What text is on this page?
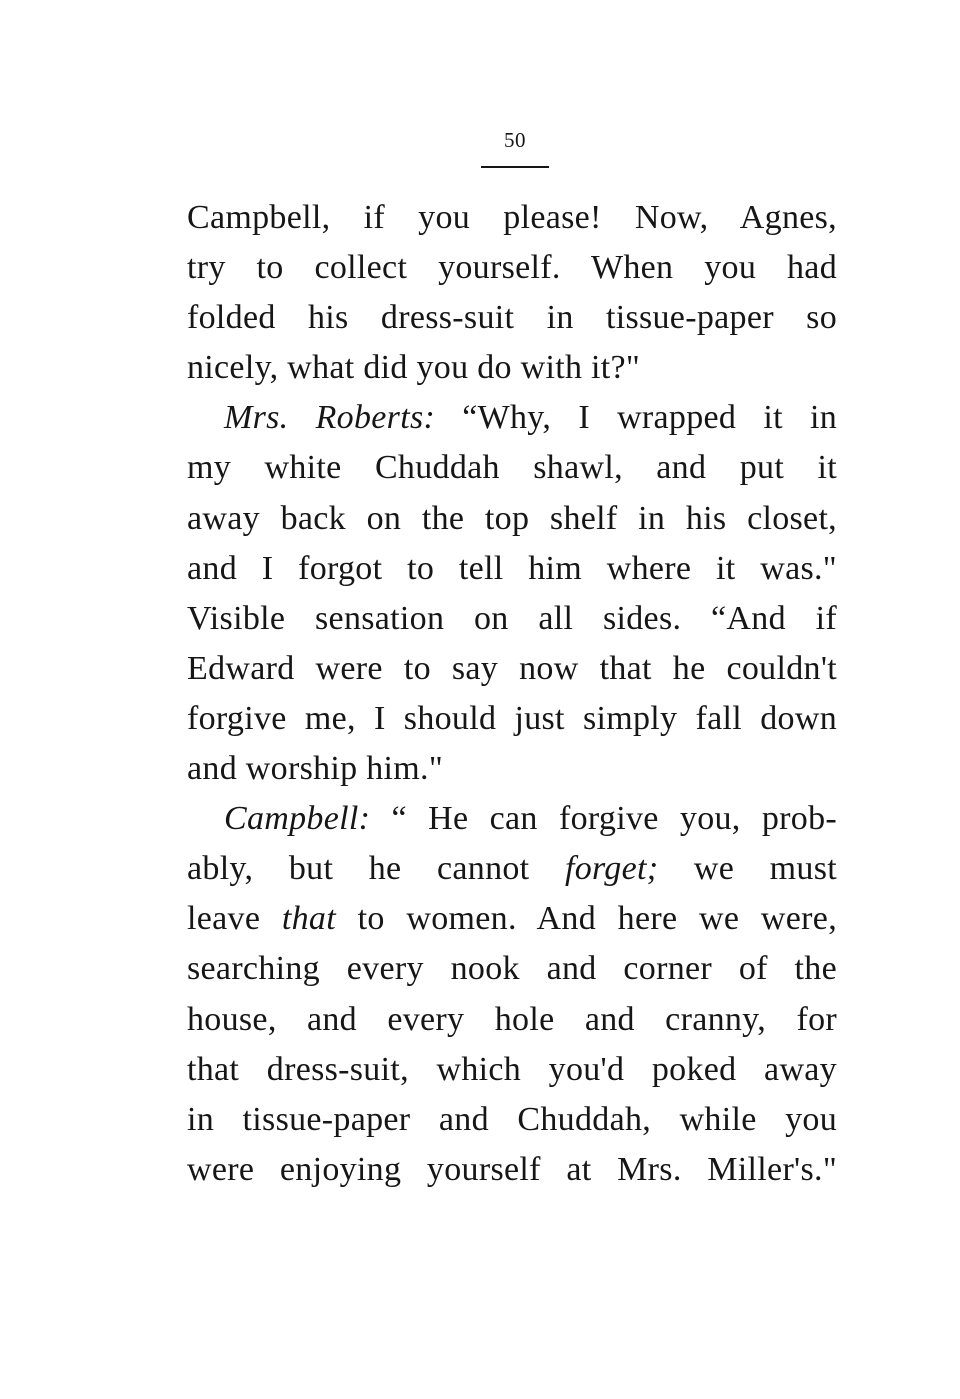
50
Campbell, if you please! Now, Agnes,
try to collect yourself. When you had
folded his dress-suit in tissue-paper so
nicely, what did you do with it?"
Mrs. Roberts: “Why, I wrapped it in
my white Chuddah shawl, and put it
away back on the top shelf in his closet,
and I forgot to tell him where it was."
Visible sensation on all sides. “And if
Edward were to say now that he couldn't
forgive me, I should just simply fall down
and worship him."
Campbell: “ He can forgive you, prob-
ably, but he cannot forget; we must
leave that to women. And here we were,
searching every nook and corner of the
house, and every hole and cranny, for
that dress-suit, which you'd poked away
in tissue-paper and Chuddah, while you
were enjoying yourself at Mrs. Miller's."
